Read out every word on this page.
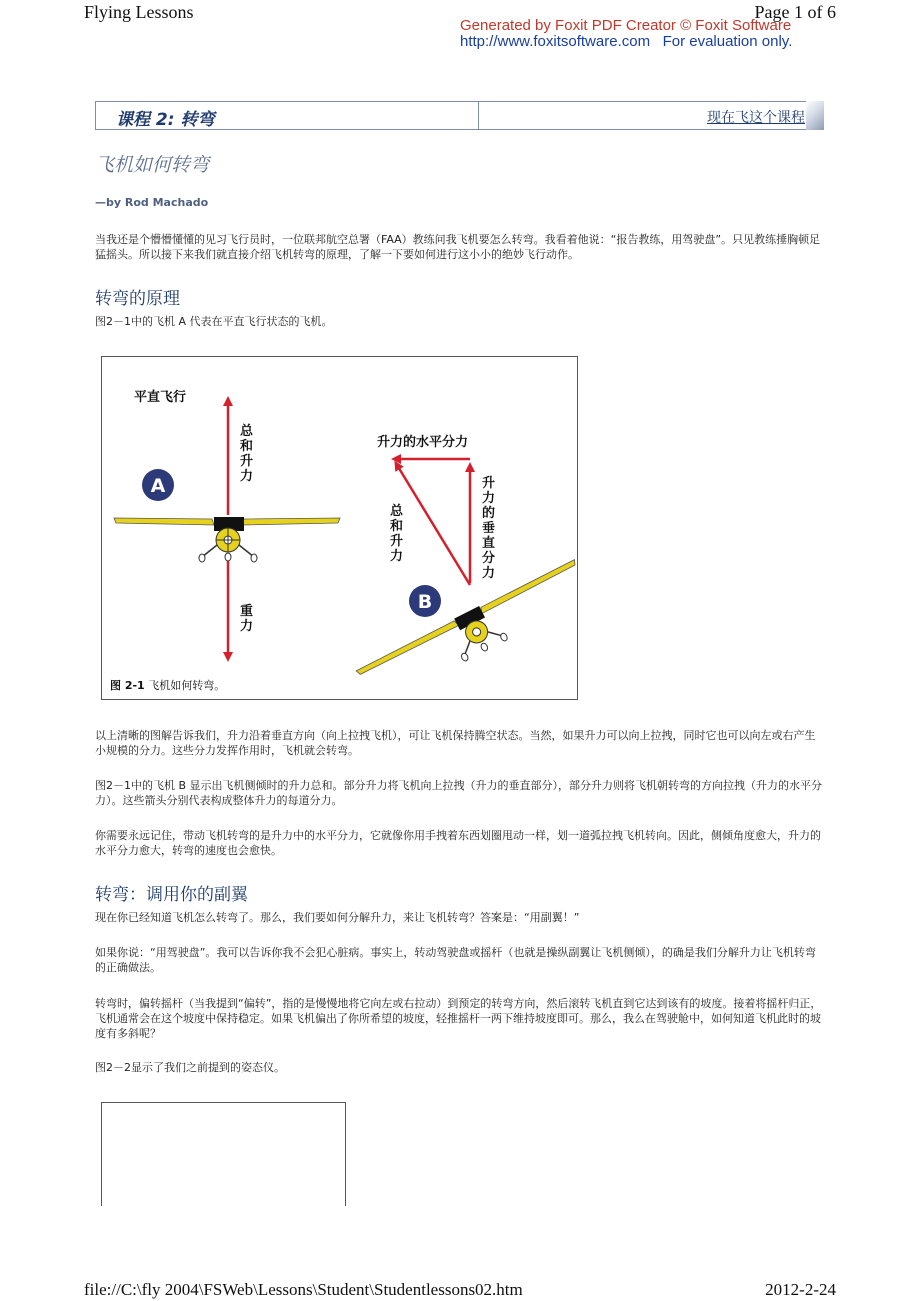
Flying Lessons	Page 1 of 6
Generated by Foxit PDF Creator © Foxit Software
http://www.foxitsoftware.com   For evaluation only.
课程 2: 转弯	现在飞这个课程
飞机如何转弯
—by Rod Machado
当我还是个懵懵懂懂的见习飞行员时，一位联邦航空总署（FAA）教练问我飞机要怎么转弯。我看着他说：“报告教练，用驾驶盘”。只见教练捶胸顿足猛摇头。所以接下来我们就直接介绍飞机转弯的原理，了解一下要如何进行这小小的绝妙飞行动作。
转弯的原理
图2－1中的飞机 A 代表在平直飞行状态的飞机。
平直飞行
总和升力
重力
A
升力的水平分力
总和升力
升力的垂直分力
B
图 2-1 飞机如何转弯。
以上清晰的图解告诉我们，升力沿着垂直方向（向上拉拽飞机），可让飞机保持腾空状态。当然，如果升力可以向上拉拽，同时它也可以向左或右产生小规模的分力。这些分力发挥作用时，飞机就会转弯。
图2－1中的飞机 B 显示出飞机侧倾时的升力总和。部分升力将飞机向上拉拽（升力的垂直部分），部分升力则将飞机朝转弯的方向拉拽（升力的水平分力）。这些箭头分别代表构成整体升力的每道分力。
你需要永远记住，带动飞机转弯的是升力中的水平分力，它就像你用手拽着东西划圈甩动一样，划一道弧拉拽飞机转向。因此，侧倾角度愈大，升力的水平分力愈大，转弯的速度也会愈快。
转弯：调用你的副翼
现在你已经知道飞机怎么转弯了。那么，我们要如何分解升力，来让飞机转弯？答案是：“用副翼！”
如果你说：“用驾驶盘”。我可以告诉你我不会犯心脏病。事实上，转动驾驶盘或摇杆（也就是操纵副翼让飞机侧倾），的确是我们分解升力让飞机转弯的正确做法。
转弯时，偏转摇杆（当我提到“偏转”，指的是慢慢地将它向左或右拉动）到预定的转弯方向，然后滚转飞机直到它达到该有的坡度。接着将摇杆归正，飞机通常会在这个坡度中保持稳定。如果飞机偏出了你所希望的坡度，轻推摇杆一两下维持坡度即可。那么，我么在驾驶舱中，如何知道飞机此时的坡度有多斜呢？
图2－2显示了我们之前提到的姿态仪。
file://C:\fly 2004\FSWeb\Lessons\Student\Studentlessons02.htm	2012-2-24
